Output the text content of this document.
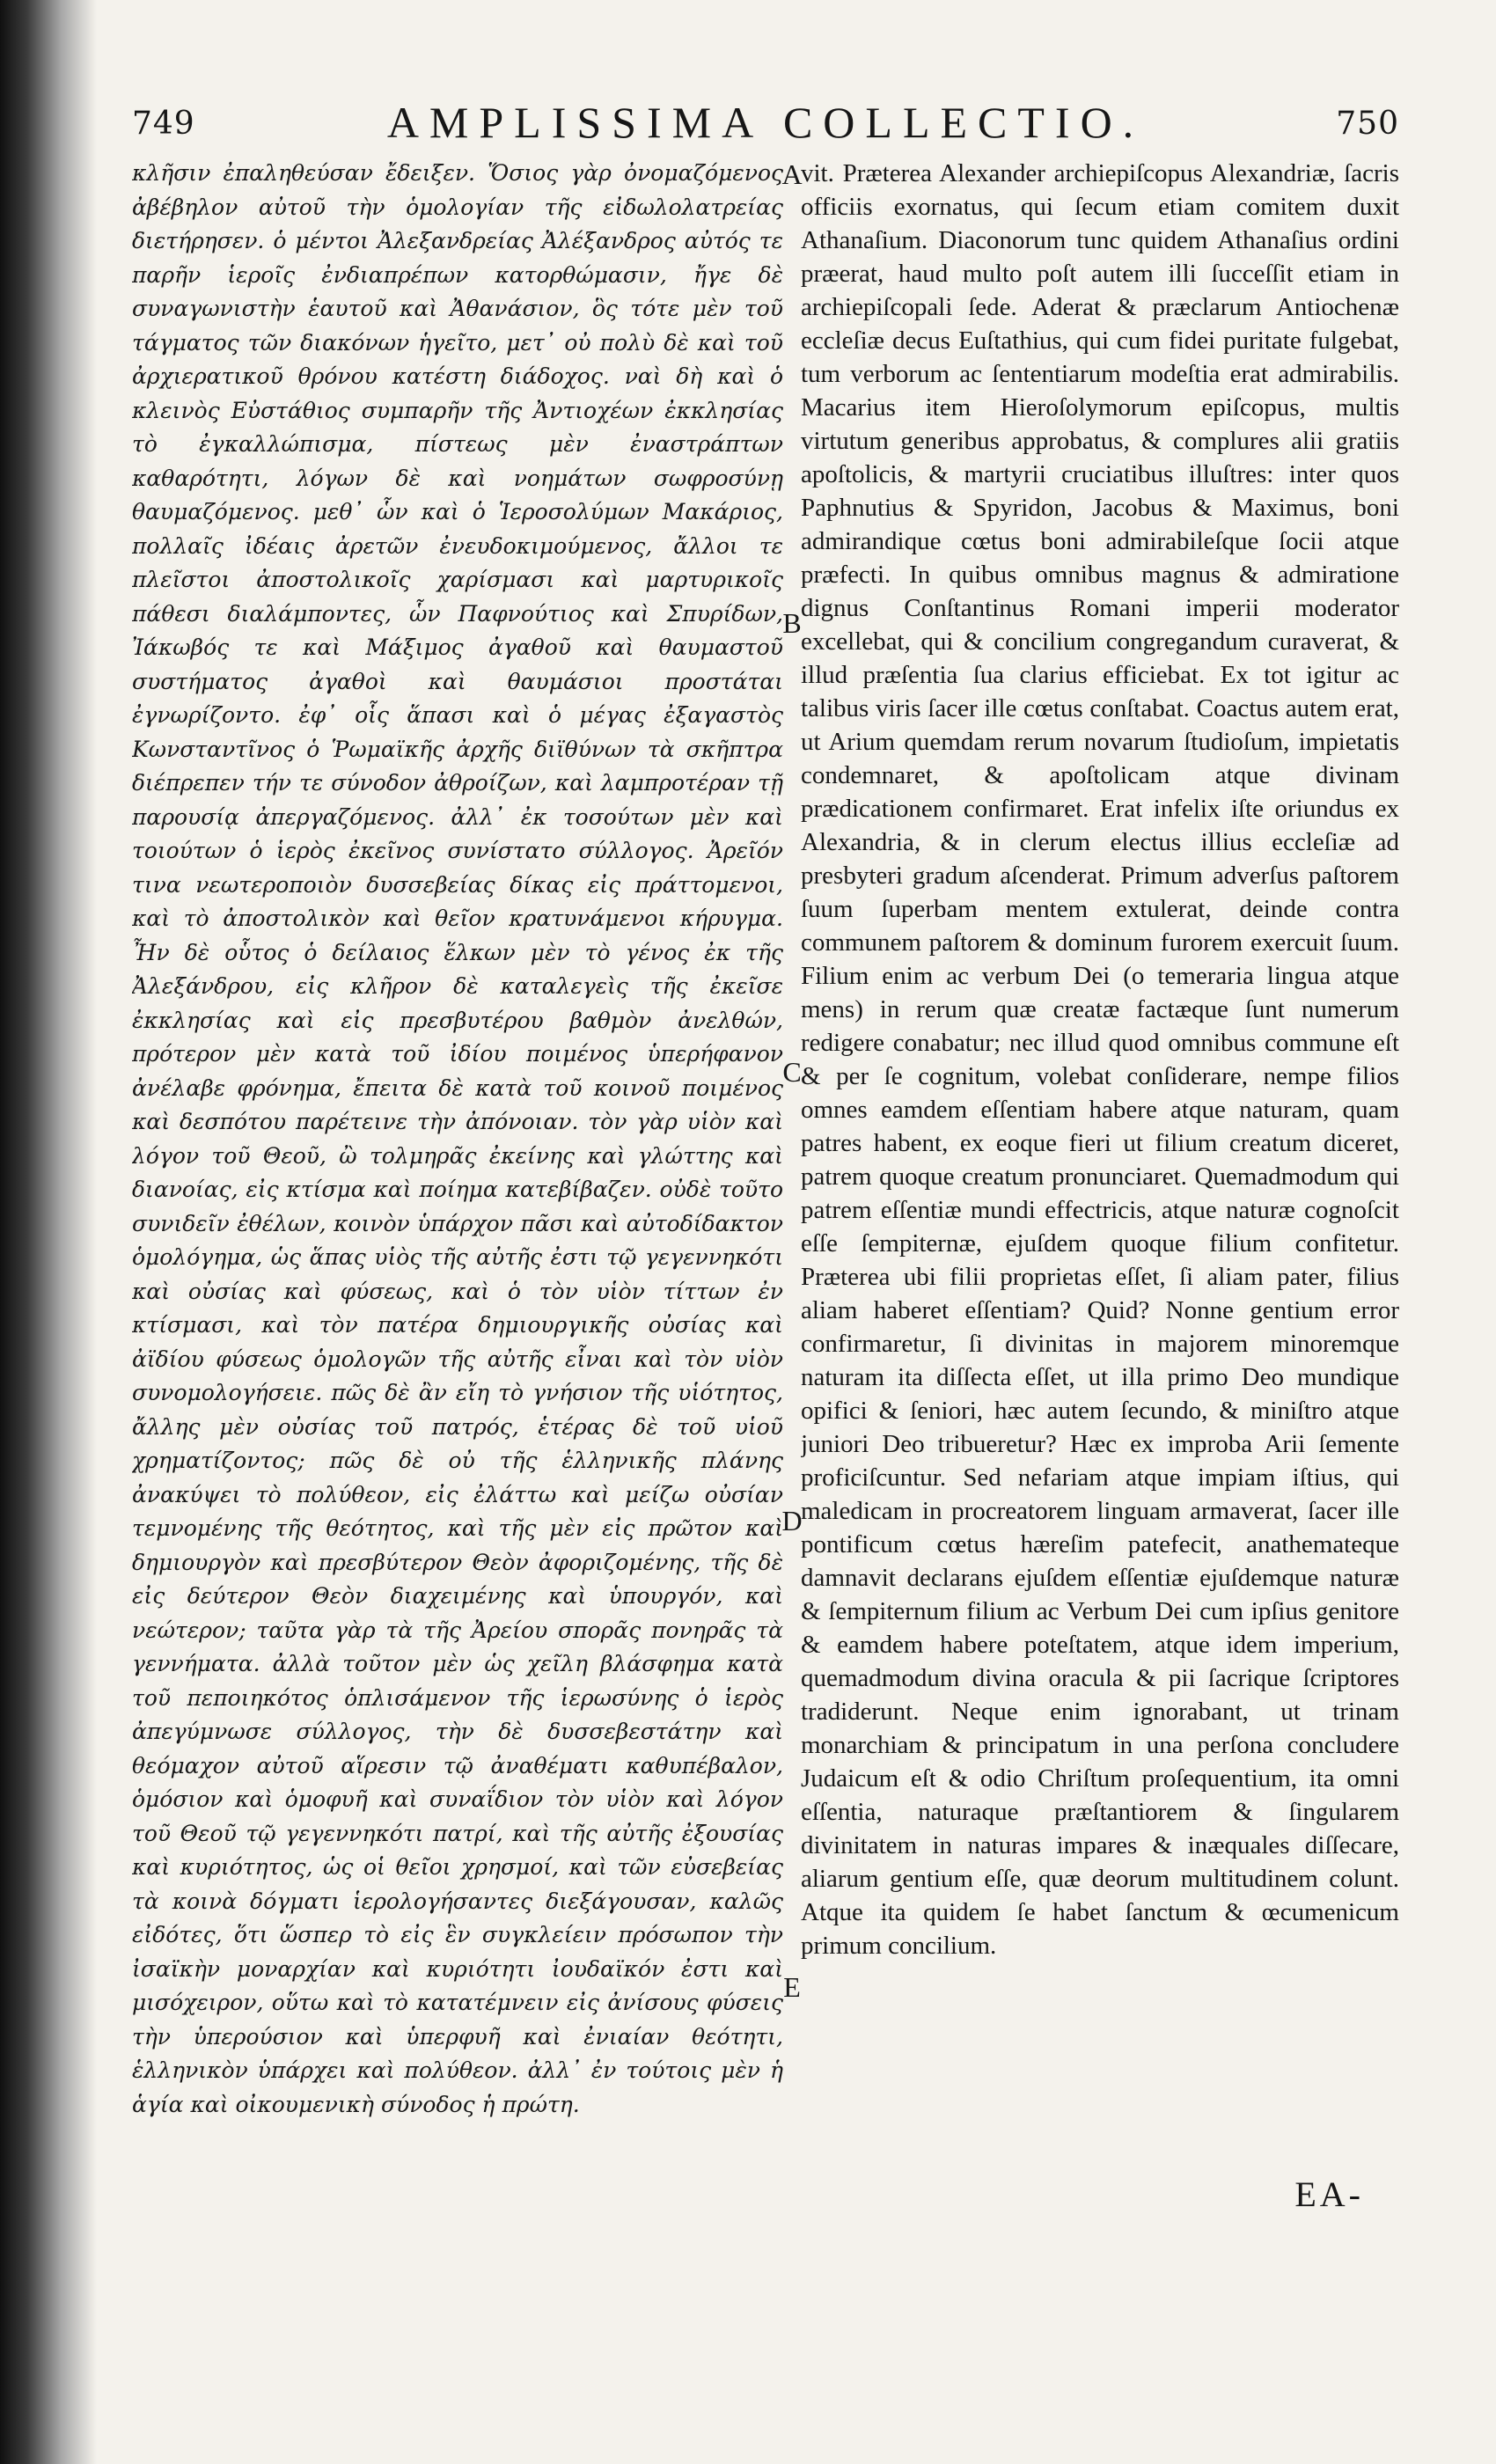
749	AMPLISSIMA COLLECTIO.	750

κλῆσιν ἐπαληθεύσαν ἔδειξεν. Ὅσιος γὰρ ὀνομαζόμενος ἀβέβηλον αὐτοῦ τὴν ὁμολογίαν τῆς εἰδωλολατρείας διετήρησεν. ὁ μέντοι Ἀλεξανδρείας Ἀλέξανδρος αὐτός τε παρῆν ἱεροῖς ἐνδιαπρέπων κατορθώμασιν, ἤγε δὲ συναγωνιστὴν ἑαυτοῦ καὶ Ἀθανάσιον, ὃς τότε μὲν τοῦ τάγματος τῶν διακόνων ἡγεῖτο, μετ᾽ οὐ πολὺ δὲ καὶ τοῦ ἀρχιερατικοῦ θρόνου κατέστη διάδοχος. ναὶ δὴ καὶ ὁ κλεινὸς Εὐστάθιος συμπαρῆν τῆς Ἀντιοχέων ἐκκλησίας τὸ ἐγκαλλώπισμα, πίστεως μὲν ἐναστράπτων καθαρότητι, λόγων δὲ καὶ νοημάτων σωφροσύνῃ θαυμαζόμενος. μεθ᾽ ὧν καὶ ὁ Ἱεροσολύμων Μακάριος, πολλαῖς ἰδέαις ἀρετῶν ἐνευδοκιμούμενος, ἄλλοι τε πλεῖστοι ἀποστολικοῖς χαρίσμασι καὶ μαρτυρικοῖς πάθεσι διαλάμποντες, ὧν Παφνούτιος καὶ Σπυρίδων, Ἰάκωβός τε καὶ Μάξιμος ἀγαθοῦ καὶ θαυμαστοῦ συστήματος ἀγαθοὶ καὶ θαυμάσιοι προστάται ἐγνωρίζοντο. ἐφ᾽ οἷς ἅπασι καὶ ὁ μέγας ἐξαγαστὸς Κωνσταντῖνος ὁ Ῥωμαϊκῆς ἀρχῆς διϊθύνων τὰ σκῆπτρα διέπρεπεν τήν τε σύνοδον ἀθροίζων, καὶ λαμπροτέραν τῇ παρουσίᾳ ἀπεργαζόμενος. ἀλλ᾽ ἐκ τοσούτων μὲν καὶ τοιούτων ὁ ἱερὸς ἐκεῖνος συνίστατο σύλλογος. Ἀρεῖόν τινα νεωτεροποιὸν δυσσεβείας δίκας εἰς πράττομενοι, καὶ τὸ ἀποστολικὸν καὶ θεῖον κρατυνάμενοι κήρυγμα. Ἦν δὲ οὗτος ὁ δείλαιος ἕλκων μὲν τὸ γένος ἐκ τῆς Ἀλεξάνδρου, εἰς κλῆρον δὲ καταλεγεὶς τῆς ἐκεῖσε ἐκκλησίας καὶ εἰς πρεσβυτέρου βαθμὸν ἀνελθών, πρότερον μὲν κατὰ τοῦ ἰδίου ποιμένος ὑπερήφανον ἀνέλαβε φρόνημα, ἔπειτα δὲ κατὰ τοῦ κοινοῦ ποιμένος καὶ δεσπότου παρέτεινε τὴν ἀπόνοιαν. τὸν γὰρ υἱὸν καὶ λόγον τοῦ Θεοῦ, ὢ τολμηρᾶς ἐκείνης καὶ γλώττης καὶ διανοίας, εἰς κτίσμα καὶ ποίημα κατεβίβαζεν. οὐδὲ τοῦτο συνιδεῖν ἐθέλων, κοινὸν ὑπάρχον πᾶσι καὶ αὐτοδίδακτον ὁμολόγημα, ὡς ἅπας υἱὸς τῆς αὐτῆς ἐστι τῷ γεγεννηκότι καὶ οὐσίας καὶ φύσεως, καὶ ὁ τὸν υἱὸν τίττων ἐν κτίσμασι, καὶ τὸν πατέρα δημιουργικῆς οὐσίας καὶ ἀϊδίου φύσεως ὁμολογῶν τῆς αὐτῆς εἶναι καὶ τὸν υἱὸν συνομολογήσειε. πῶς δὲ ἂν εἴη τὸ γνήσιον τῆς υἱότητος, ἄλλης μὲν οὐσίας τοῦ πατρός, ἑτέρας δὲ τοῦ υἱοῦ χρηματίζοντος; πῶς δὲ οὐ τῆς ἑλληνικῆς πλάνης ἀνακύψει τὸ πολύθεον, εἰς ἐλάττω καὶ μείζω οὐσίαν τεμνομένης τῆς θεότητος, καὶ τῆς μὲν εἰς πρῶτον καὶ δημιουργὸν καὶ πρεσβύτερον Θεὸν ἀφοριζομένης, τῆς δὲ εἰς δεύτερον Θεὸν διαχειμένης καὶ ὑπουργόν, καὶ νεώτερον; ταῦτα γὰρ τὰ τῆς Ἀρείου σπορᾶς πονηρᾶς τὰ γεννήματα. ἀλλὰ τοῦτον μὲν ὡς χεῖλη βλάσφημα κατὰ τοῦ πεποιηκότος ὁπλισάμενον τῆς ἱερωσύνης ὁ ἱερὸς ἀπεγύμνωσε σύλλογος, τὴν δὲ δυσσεβεστάτην καὶ θεόμαχον αὐτοῦ αἵρεσιν τῷ ἀναθέματι καθυπέβαλον, ὁμόσιον καὶ ὁμοφυῆ καὶ συναΐδιον τὸν υἱὸν καὶ λόγον τοῦ Θεοῦ τῷ γεγεννηκότι πατρί, καὶ τῆς αὐτῆς ἐξουσίας καὶ κυριότητος, ὡς οἱ θεῖοι χρησμοί, καὶ τῶν εὐσεβείας τὰ κοινὰ δόγματι ἱερολογήσαντες διεξάγουσαν, καλῶς εἰδότες, ὅτι ὥσπερ τὸ εἰς ἓν συγκλείειν πρόσωπον τὴν ἰσαϊκὴν μοναρχίαν καὶ κυριότητι ἰουδαϊκόν ἐστι καὶ μισόχειρον, οὕτω καὶ τὸ κατατέμνειν εἰς ἀνίσους φύσεις τὴν ὑπερούσιον καὶ ὑπερφυῆ καὶ ἐνιαίαν θεότητι, ἑλληνικὸν ὑπάρχει καὶ πολύθεον. ἀλλ᾽ ἐν τούτοις μὲν ἡ ἁγία καὶ οἰκουμενικὴ σύνοδος ἡ πρώτη.

vit. Præterea Alexander archiepiſcopus Alexandriæ, ſacris officiis exornatus, qui ſecum etiam comitem duxit Athanaſium. Diaconorum tunc quidem Athanaſius ordini præerat, haud multo poſt autem illi ſucceſſit etiam in archiepiſcopali ſede. Aderat & præclarum Antiochenæ eccleſiæ decus Euſtathius, qui cum fidei puritate fulgebat, tum verborum ac ſententiarum modeſtia erat admirabilis. Macarius item Hieroſolymorum epiſcopus, multis virtutum generibus approbatus, & complures alii gratiis apoſtolicis, & martyrii cruciatibus illuſtres: inter quos Paphnutius & Spyridon, Jacobus & Maximus, boni admirandique cœtus boni admirabileſque ſocii atque præfecti. In quibus omnibus magnus & admiratione dignus Conſtantinus Romani imperii moderator excellebat, qui & concilium congregandum curaverat, & illud præſentia ſua clarius efficiebat. Ex tot igitur ac talibus viris ſacer ille cœtus conſtabat. Coactus autem erat, ut Arium quemdam rerum novarum ſtudioſum, impietatis condemnaret, & apoſtolicam atque divinam prædicationem confirmaret. Erat infelix iſte oriundus ex Alexandria, & in clerum electus illius eccleſiæ ad presbyteri gradum aſcenderat. Primum adverſus paſtorem ſuum ſuperbam mentem extulerat, deinde contra communem paſtorem & dominum furorem exercuit ſuum. Filium enim ac verbum Dei (o temeraria lingua atque mens) in rerum quæ creatæ factæque ſunt numerum redigere conabatur; nec illud quod omnibus commune eſt & per ſe cognitum, volebat conſiderare, nempe filios omnes eamdem eſſentiam habere atque naturam, quam patres habent, ex eoque fieri ut filium creatum diceret, patrem quoque creatum pronunciaret. Quemadmodum qui patrem eſſentiæ mundi effectricis, atque naturæ cognoſcit eſſe ſempiternæ, ejuſdem quoque filium confitetur. Præterea ubi filii proprietas eſſet, ſi aliam pater, filius aliam haberet eſſentiam? Quid? Nonne gentium error confirmaretur, ſi divinitas in majorem minoremque naturam ita diſſecta eſſet, ut illa primo Deo mundique opifici & ſeniori, hæc autem ſecundo, & miniſtro atque juniori Deo tribueretur? Hæc ex improba Arii ſemente proficiſcuntur. Sed nefariam atque impiam iſtius, qui maledicam in procreatorem linguam armaverat, ſacer ille pontificum cœtus hæreſim patefecit, anathemateque damnavit declarans ejuſdem eſſentiæ ejuſdemque naturæ & ſempiternum filium ac Verbum Dei cum ipſius genitore & eamdem habere poteſtatem, atque idem imperium, quemadmodum divina oracula & pii ſacrique ſcriptores tradiderunt. Neque enim ignorabant, ut trinam monarchiam & principatum in una perſona concludere Judaicum eſt & odio Chriſtum proſequentium, ita omni eſſentia, naturaque præſtantiorem & ſingularem divinitatem in naturas impares & inæquales diſſecare, aliarum gentium eſſe, quæ deorum multitudinem colunt. Atque ita quidem ſe habet ſanctum & œcumenicum primum concilium.

A
B
C
D
E
EA-
